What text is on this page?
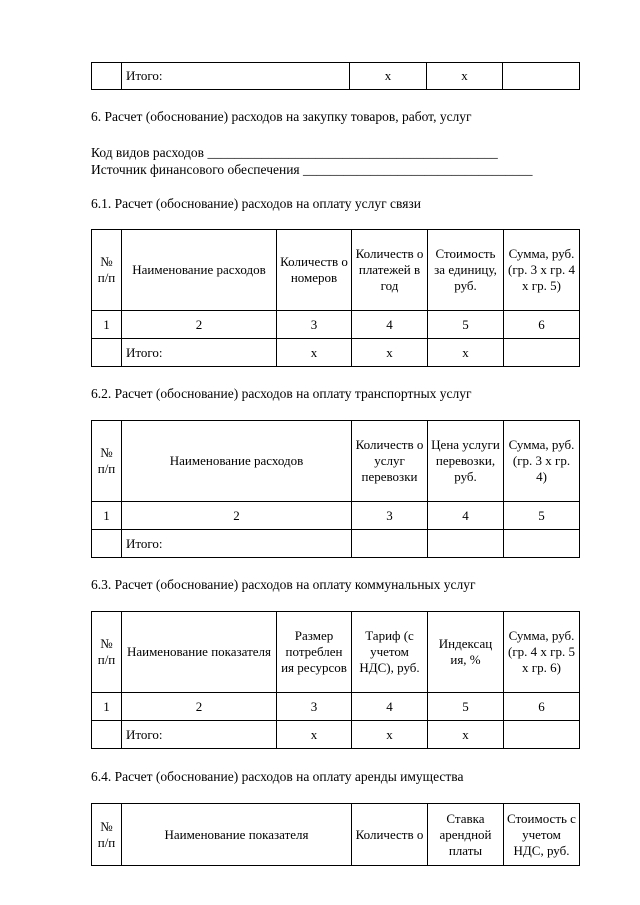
	Итого:	x	x	
6. Расчет (обоснование) расходов на закупку товаров, работ, услуг
Код видов расходов ___________________________________________
Источник финансового обеспечения __________________________________
6.1. Расчет (обоснование) расходов на оплату услуг связи
№ п/п	Наименование расходов	Количеств о номеров	Количеств о платежей в год	Стоимость за единицу, руб.	Сумма, руб. (гр. 3 x гр. 4 x гр. 5)
1	2	3	4	5	6
	Итого:	x	x	x	
6.2. Расчет (обоснование) расходов на оплату транспортных услуг
№ п/п	Наименование расходов	Количеств о услуг перевозки	Цена услуги перевозки, руб.	Сумма, руб. (гр. 3 x гр. 4)
1	2	3	4	5
	Итого:			
6.3. Расчет (обоснование) расходов на оплату коммунальных услуг
№ п/п	Наименование показателя	Размер потреблен ия ресурсов	Тариф (с учетом НДС), руб.	Индексац ия, %	Сумма, руб. (гр. 4 x гр. 5 x гр. 6)
1	2	3	4	5	6
	Итого:	x	x	x	
6.4. Расчет (обоснование) расходов на оплату аренды имущества
№ п/п	Наименование показателя	Количеств о	Ставка арендной платы	Стоимость с учетом НДС, руб.
